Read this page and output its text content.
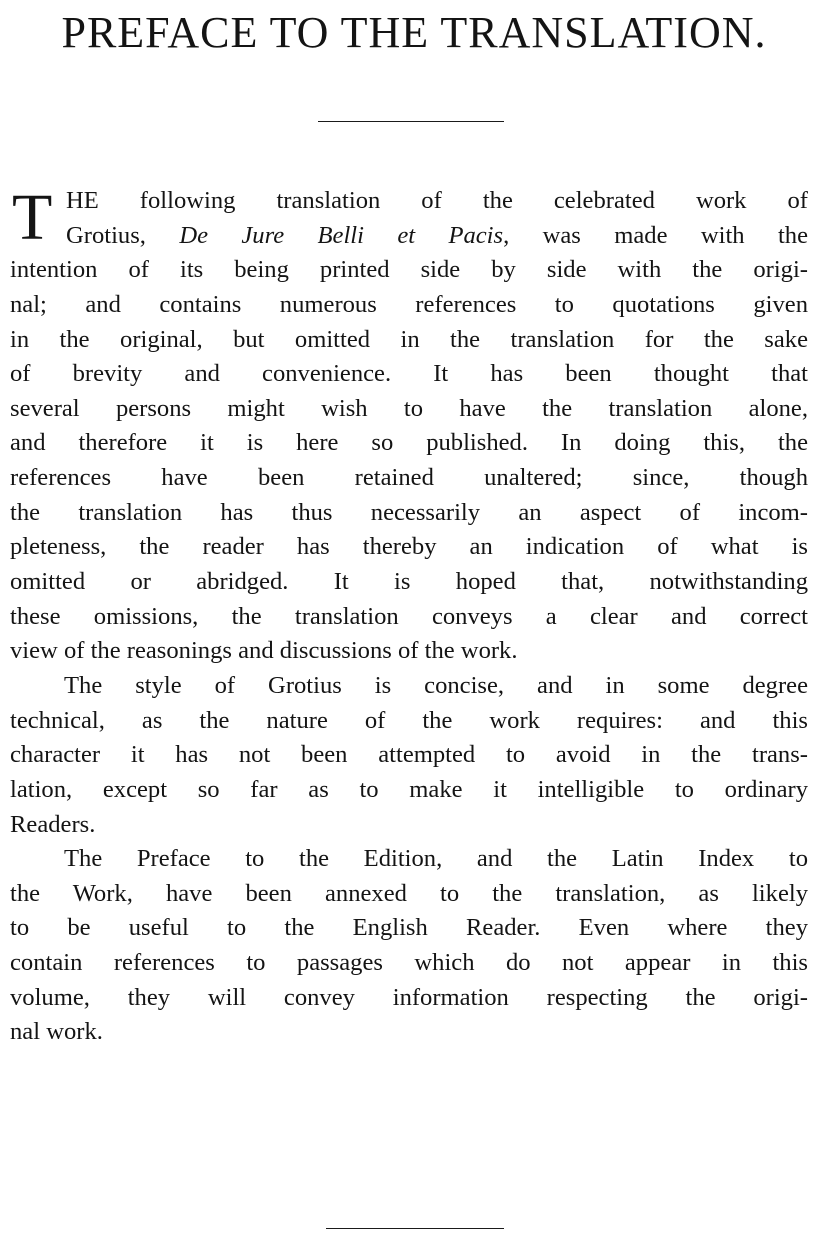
PREFACE TO THE TRANSLATION.
T HE following translation of the celebrated work of
Grotius, De Jure Belli et Pacis, was made with the
intention of its being printed side by side with the origi-
nal; and contains numerous references to quotations given
in the original, but omitted in the translation for the sake
of brevity and convenience. It has been thought that
several persons might wish to have the translation alone,
and therefore it is here so published. In doing this, the
references have been retained unaltered; since, though
the translation has thus necessarily an aspect of incom-
pleteness, the reader has thereby an indication of what is
omitted or abridged. It is hoped that, notwithstanding
these omissions, the translation conveys a clear and correct
view of the reasonings and discussions of the work.
The style of Grotius is concise, and in some degree
technical, as the nature of the work requires: and this
character it has not been attempted to avoid in the trans-
lation, except so far as to make it intelligible to ordinary
Readers.
The Preface to the Edition, and the Latin Index to
the Work, have been annexed to the translation, as likely
to be useful to the English Reader. Even where they
contain references to passages which do not appear in this
volume, they will convey information respecting the origi-
nal work.
